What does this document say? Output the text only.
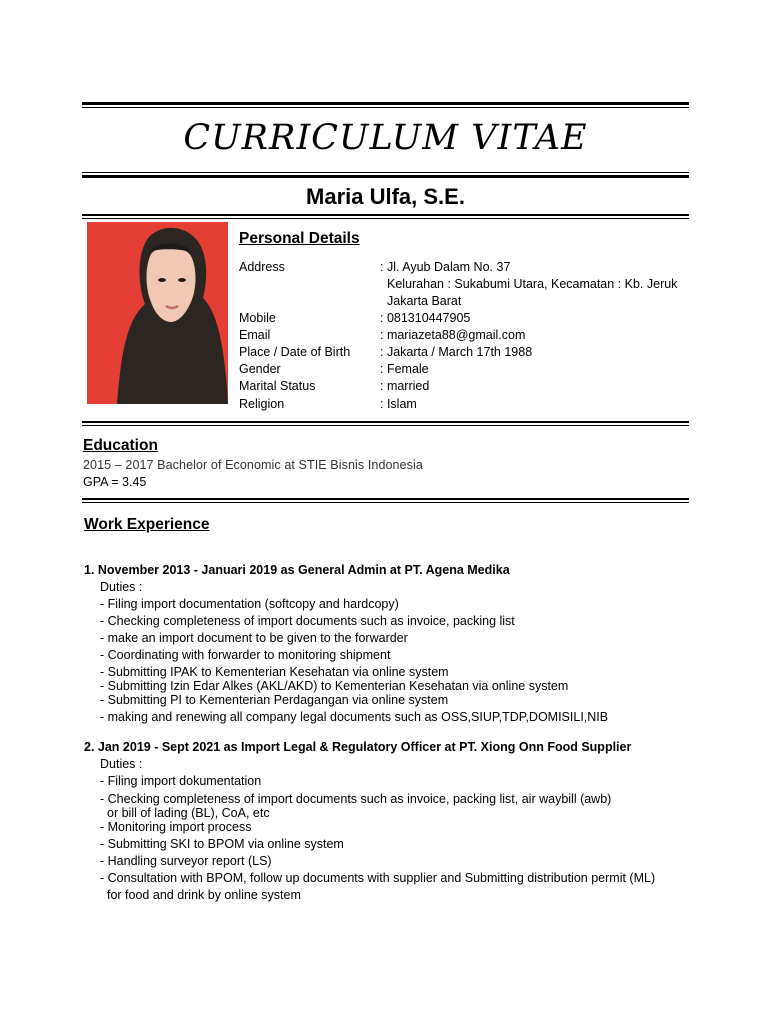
CURRICULUM VITAE
Maria Ulfa, S.E.
Personal Details
Address	: Jl. Ayub Dalam No. 37
Kelurahan : Sukabumi Utara, Kecamatan : Kb. Jeruk
Jakarta Barat
Mobile	: 081310447905
Email	: mariazeta88@gmail.com
Place / Date of Birth	: Jakarta / March 17th 1988
Gender	: Female
Marital Status	: married
Religion	: Islam
Education
2015 – 2017 Bachelor of Economic at STIE Bisnis Indonesia
GPA = 3.45
Work Experience
1. November 2013 - Januari 2019 as General Admin at PT. Agena Medika
Duties :
- Filing import documentation (softcopy and hardcopy)
- Checking completeness of import documents such as invoice, packing list
- make an import document to be given to the forwarder
- Coordinating with forwarder to monitoring shipment
- Submitting IPAK to Kementerian Kesehatan via online system
- Submitting Izin Edar Alkes (AKL/AKD) to Kementerian Kesehatan via online system
- Submitting PI to Kementerian Perdagangan via online system
- making and renewing all company legal documents such as OSS,SIUP,TDP,DOMISILI,NIB
2. Jan 2019 - Sept 2021 as Import Legal & Regulatory Officer at PT. Xiong Onn Food Supplier
Duties :
- Filing import dokumentation
- Checking completeness of import documents such as invoice, packing list, air waybill (awb)
or bill of lading (BL), CoA, etc
- Monitoring import process
- Submitting SKI to BPOM via online system
- Handling surveyor report (LS)
- Consultation with BPOM, follow up documents with supplier and Submitting distribution permit (ML)
for food and drink by online system
